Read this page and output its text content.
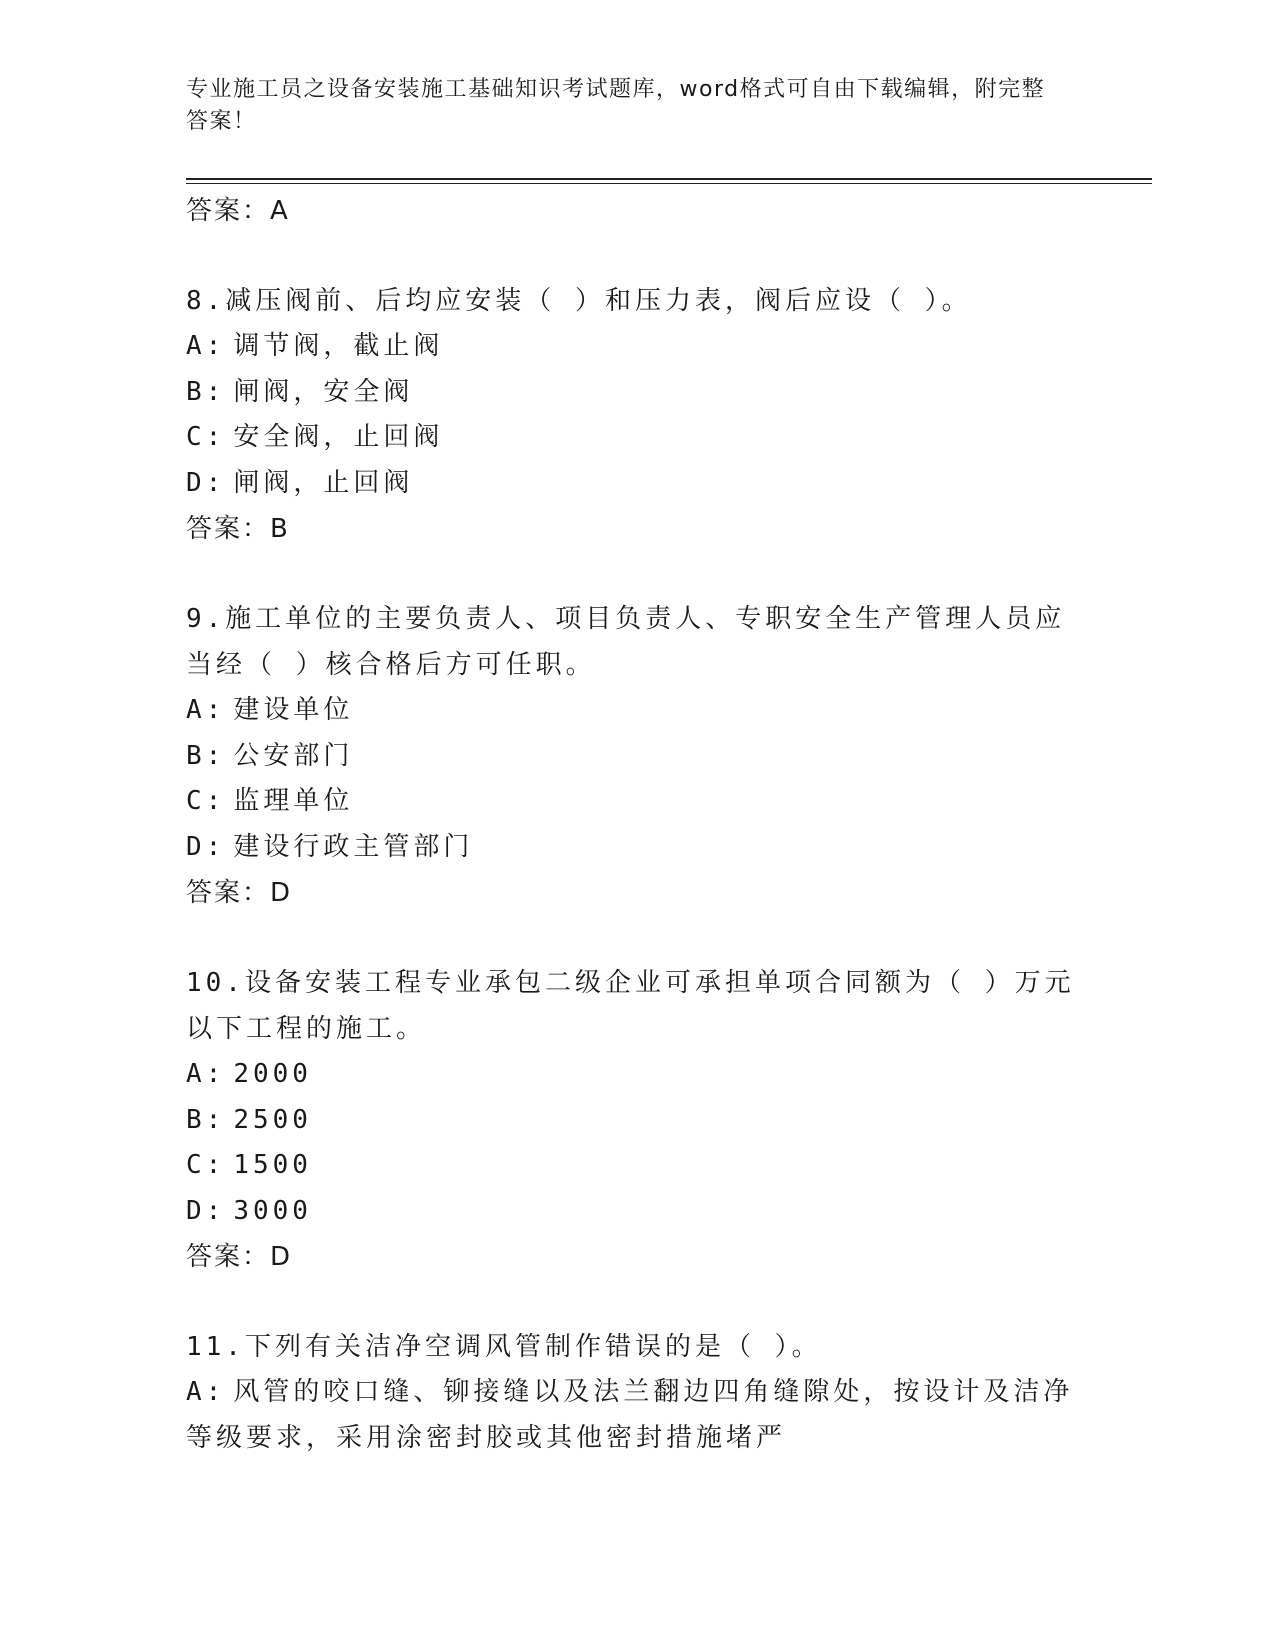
专业施工员之设备安装施工基础知识考试题库，word格式可自由下载编辑，附完整答案！

答案：A

8.减压阀前、后均应安装（ ）和压力表，阀后应设（ ）。

A: 调节阀，截止阀

B: 闸阀，安全阀

C: 安全阀，止回阀

D: 闸阀，止回阀

答案：B

9.施工单位的主要负责人、项目负责人、专职安全生产管理人员应当经（ ）核合格后方可任职。

A: 建设单位

B: 公安部门

C: 监理单位

D: 建设行政主管部门

答案：D

10.设备安装工程专业承包二级企业可承担单项合同额为（ ）万元以下工程的施工。

A: 2000

B: 2500

C: 1500

D: 3000

答案：D

11.下列有关洁净空调风管制作错误的是（ ）。

A: 风管的咬口缝、铆接缝以及法兰翻边四角缝隙处，按设计及洁净等级要求，采用涂密封胶或其他密封措施堵严
